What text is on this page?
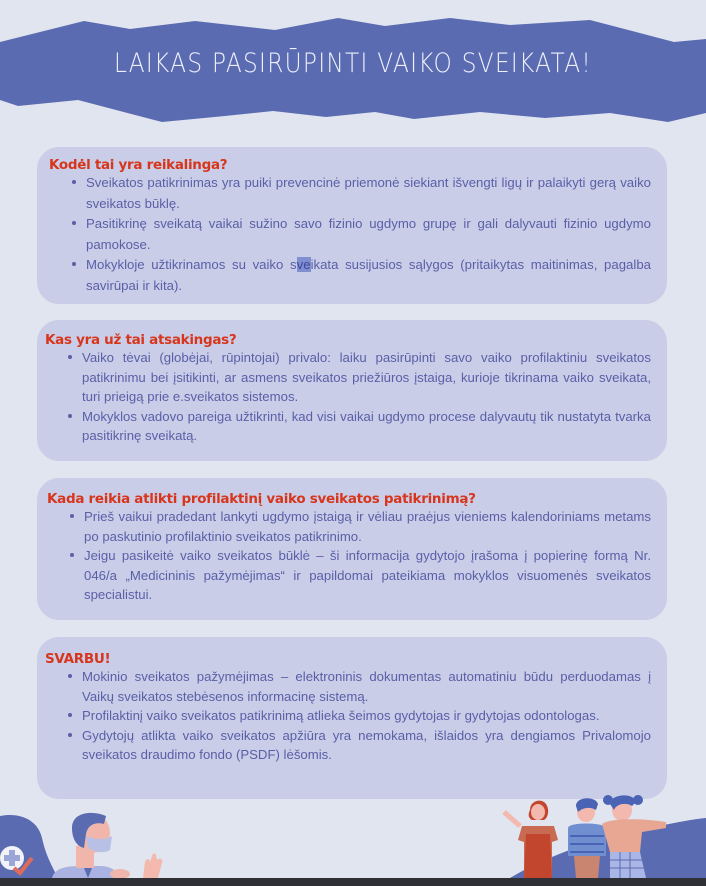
LAIKAS PASIRŪPINTI VAIKO SVEIKATA!
Kodėl tai yra reikalinga?
Sveikatos patikrinimas yra puiki prevencinė priemonė siekiant išvengti ligų ir palaikyti gerą vaiko sveikatos būklę.
Pasitikrinę sveikatą vaikai sužino savo fizinio ugdymo grupę ir gali dalyvauti fizinio ugdymo pamokose.
Mokykloje užtikrinamos su vaiko sveikata susijusios sąlygos (pritaikytas maitinimas, pagalba savirūpai ir kita).
Kas yra už tai atsakingas?
Vaiko tėvai (globėjai, rūpintojai) privalo: laiku pasirūpinti savo vaiko profilaktiniu sveikatos patikrinimu bei įsitikinti, ar asmens sveikatos priežiūros įstaiga, kurioje tikrinama vaiko sveikata, turi prieigą prie e.sveikatos sistemos.
Mokyklos vadovo pareiga užtikrinti, kad visi vaikai ugdymo procese dalyvautų tik nustatyta tvarka pasitikrinę sveikatą.
Kada reikia atlikti profilaktinį vaiko sveikatos patikrinimą?
Prieš vaikui pradedant lankyti ugdymo įstaigą ir vėliau praėjus vieniems kalendoriniams metams po paskutinio profilaktinio sveikatos patikrinimo.
Jeigu pasikeitė vaiko sveikatos būklė – ši informacija gydytojo įrašoma į popierinę formą Nr. 046/a „Medicininis pažymėjimas“ ir papildomai pateikiama mokyklos visuomenės sveikatos specialistui.
SVARBU!
Mokinio sveikatos pažymėjimas – elektroninis dokumentas automatiniu būdu perduodamas į Vaikų sveikatos stebėsenos informacinę sistemą.
Profilaktinį vaiko sveikatos patikrinimą atlieka šeimos gydytojas ir gydytojas odontologas.
Gydytojų atlikta vaiko sveikatos apžiūra yra nemokama, išlaidos yra dengiamos Privalomojo sveikatos draudimo fondo (PSDF) lėšomis.
